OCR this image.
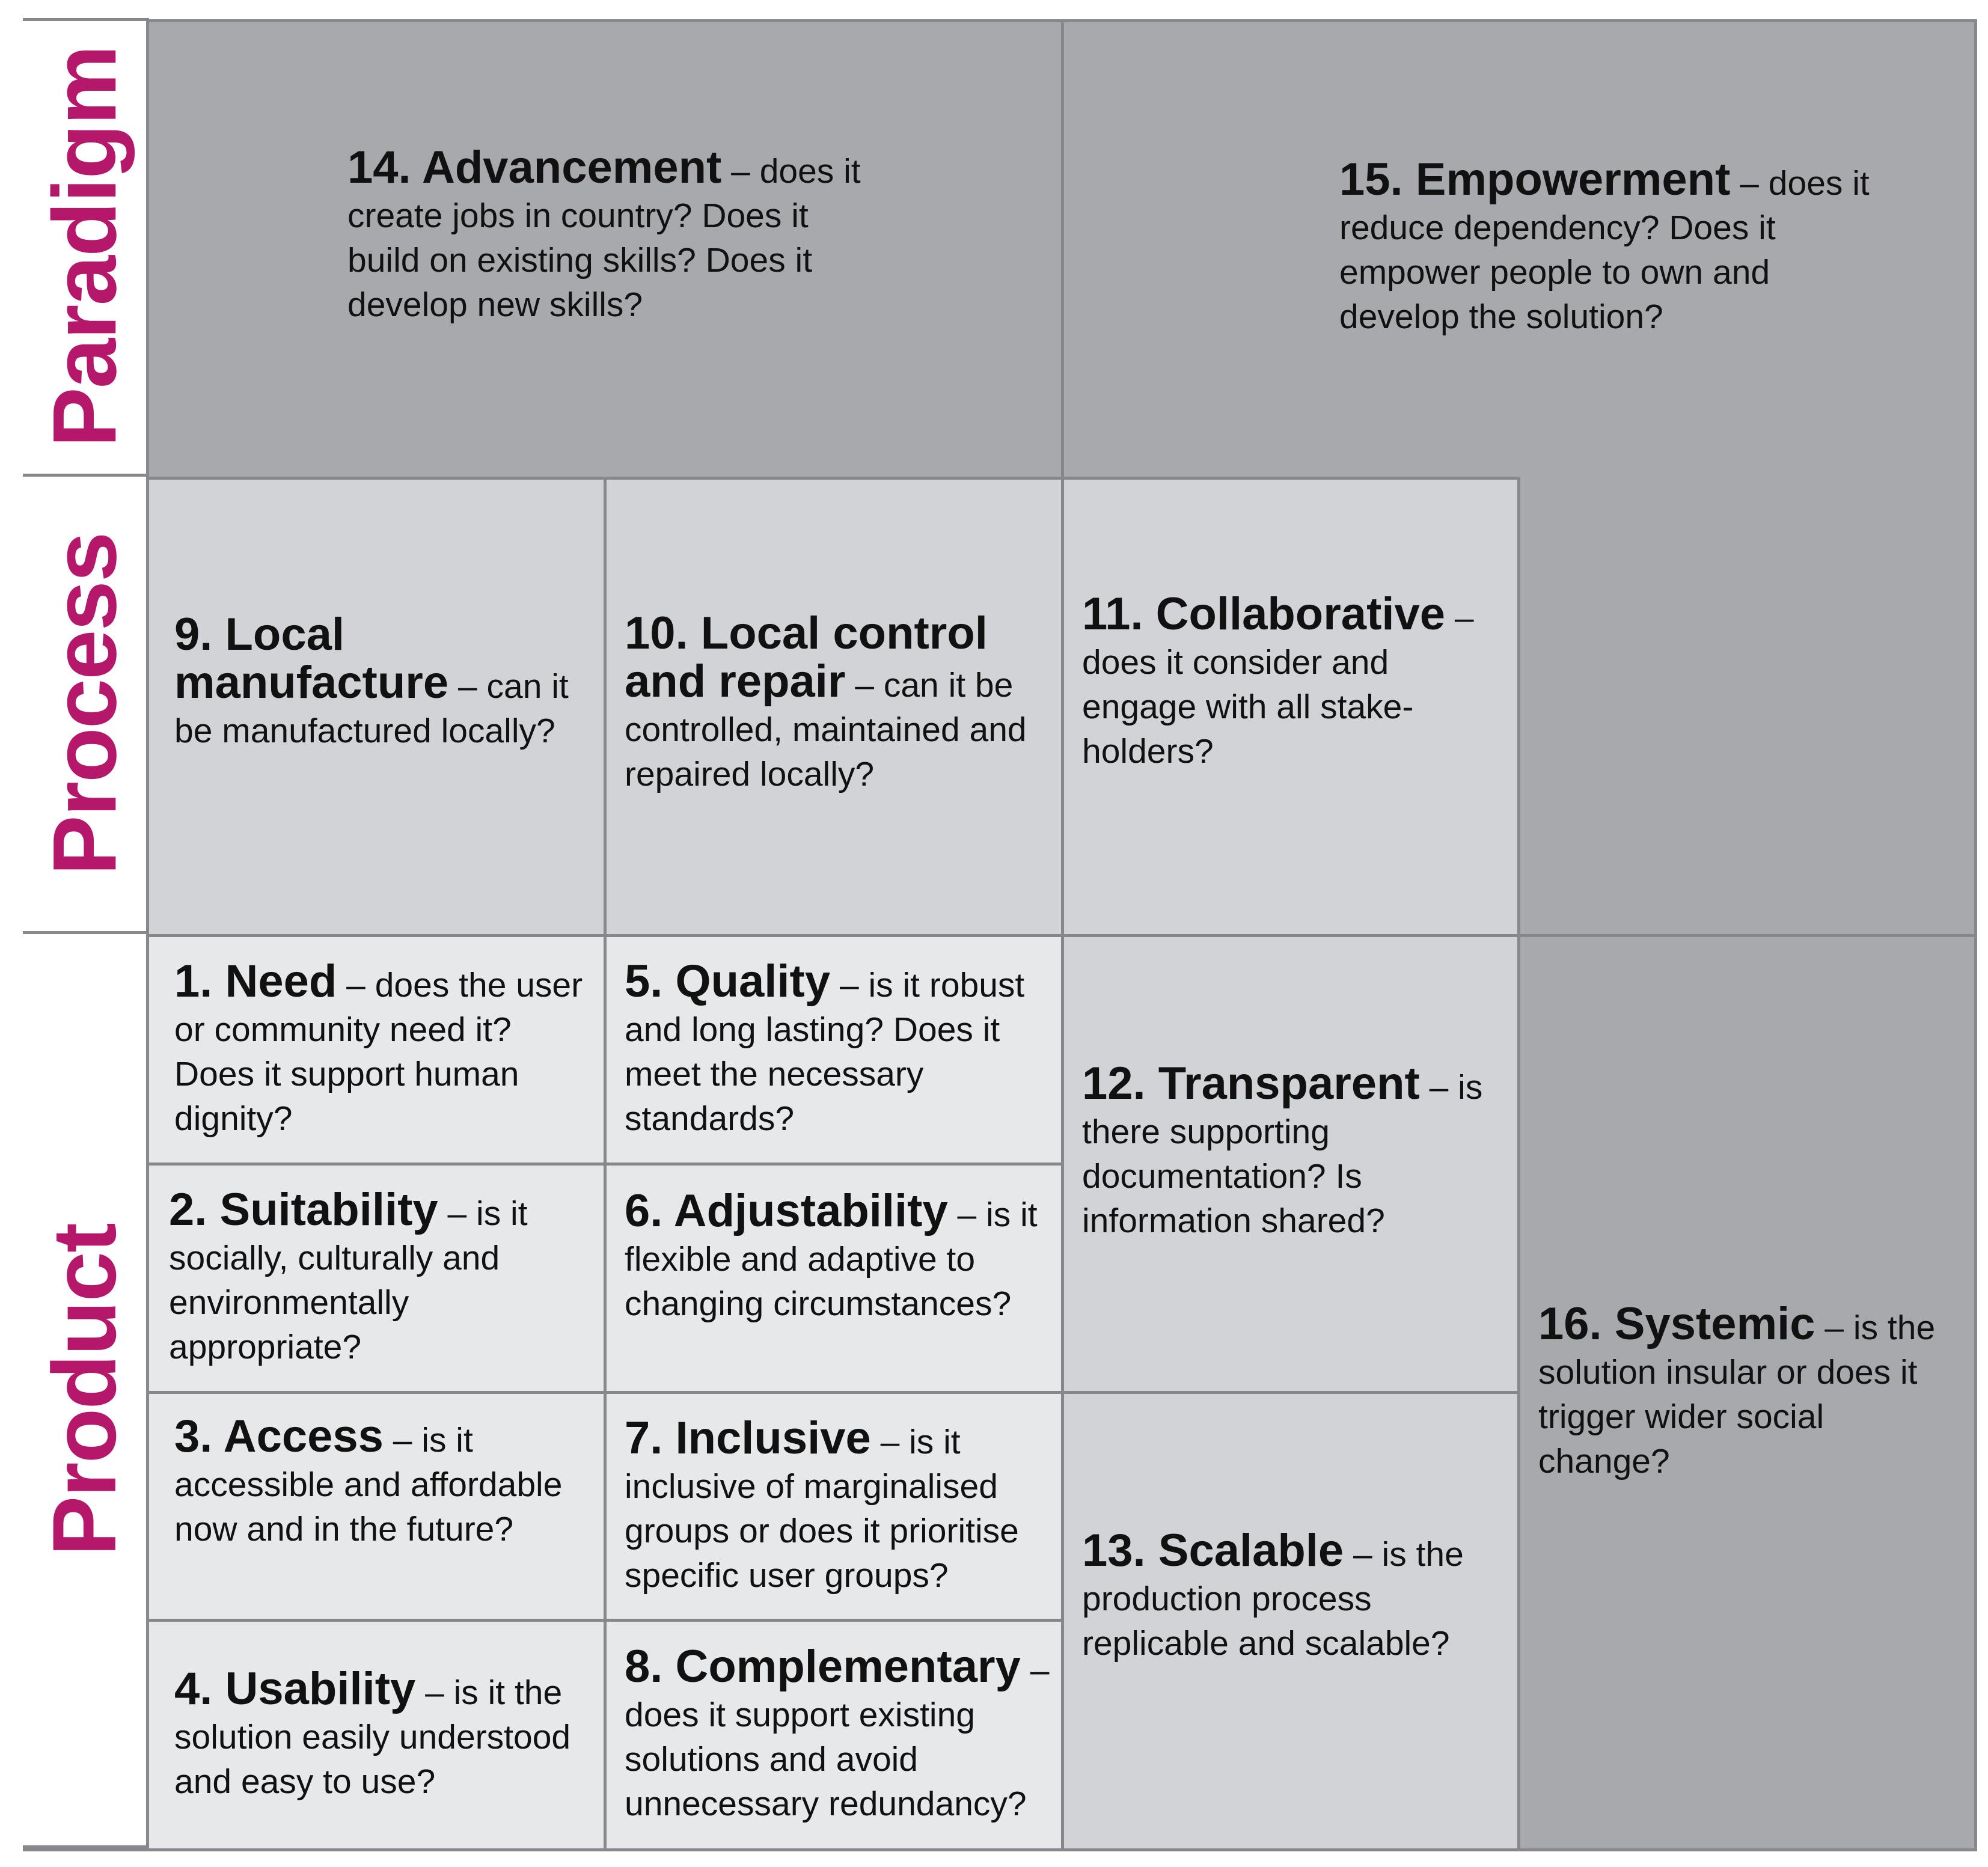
Paradigm
Process
Product

14. Advancement – does it create jobs in country? Does it build on existing skills? Does it develop new skills?

15. Empowerment – does it reduce dependency? Does it empower people to own and develop the solution?

9. Local manufacture – can it be manufactured locally?

10. Local control and repair – can it be controlled, maintained and repaired locally?

11. Collaborative – does it consider and engage with all stake-holders?

1. Need – does the user or community need it? Does it support human dignity?

2. Suitability – is it socially, culturally and environmentally appropriate?

3. Access – is it accessible and affordable now and in the future?

4. Usability – is it the solution easily understood and easy to use?

5. Quality – is it robust and long lasting? Does it meet the necessary standards?

6. Adjustability – is it flexible and adaptive to changing circumstances?

7. Inclusive – is it inclusive of marginalised groups or does it prioritise specific user groups?

8. Complementary – does it support existing solutions and avoid unnecessary redundancy?

12. Transparent – is there supporting documentation? Is information shared?

13. Scalable – is the production process replicable and scalable?

16. Systemic – is the solution insular or does it trigger wider social change?
